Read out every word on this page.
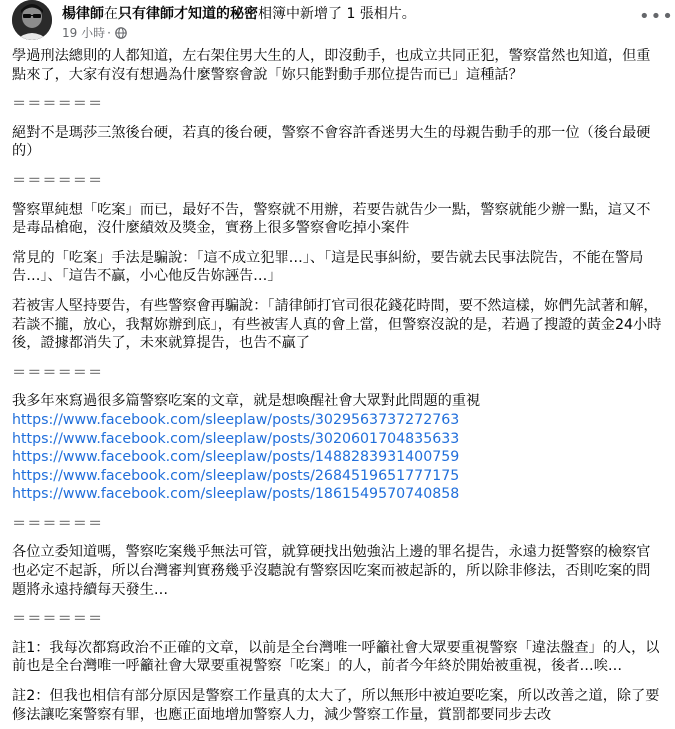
楊律師在只有律師才知道的秘密相簿中新增了 1 張相片。
19 小時 ·
•••

學過刑法總則的人都知道，左右架住男大生的人，即沒動手，也成立共同正犯，警察當然也知道，但重點來了，大家有沒有想過為什麼警察會說「妳只能對動手那位提告而已」這種話？

＝＝＝＝＝＝

絕對不是瑪莎三煞後台硬，若真的後台硬，警察不會容許香迷男大生的母親告動手的那一位（後台最硬的）

＝＝＝＝＝＝

警察單純想「吃案」而已，最好不告，警察就不用辦，若要告就告少一點，警察就能少辦一點，這又不是毒品槍砲，沒什麼績效及獎金，實務上很多警察會吃掉小案件

常見的「吃案」手法是騙說：「這不成立犯罪…」、「這是民事糾紛，要告就去民事法院告，不能在警局告…」、「這告不贏，小心他反告妳誣告…」

若被害人堅持要告，有些警察會再騙說：「請律師打官司很花錢花時間，要不然這樣，妳們先試著和解，若談不攏，放心，我幫妳辦到底」，有些被害人真的會上當，但警察沒說的是，若過了搜證的黃金24小時後，證據都消失了，未來就算提告，也告不贏了

＝＝＝＝＝＝

我多年來寫過很多篇警察吃案的文章，就是想喚醒社會大眾對此問題的重視
https://www.facebook.com/sleeplaw/posts/3029563737272763
https://www.facebook.com/sleeplaw/posts/3020601704835633
https://www.facebook.com/sleeplaw/posts/1488283931400759
https://www.facebook.com/sleeplaw/posts/2684519651777175
https://www.facebook.com/sleeplaw/posts/1861549570740858

＝＝＝＝＝＝

各位立委知道嗎，警察吃案幾乎無法可管，就算硬找出勉強沾上邊的罪名提告，永遠力挺警察的檢察官也必定不起訴，所以台灣審判實務幾乎沒聽說有警察因吃案而被起訴的，所以除非修法，否則吃案的問題將永遠持續每天發生…

＝＝＝＝＝＝

註1：我每次都寫政治不正確的文章，以前是全台灣唯一呼籲社會大眾要重視警察「違法盤查」的人，以前也是全台灣唯一呼籲社會大眾要重視警察「吃案」的人，前者今年終於開始被重視，後者…唉…

註2：但我也相信有部分原因是警察工作量真的太大了，所以無形中被迫要吃案，所以改善之道，除了要修法讓吃案警察有罪，也應正面地增加警察人力，減少警察工作量，賞罰都要同步去改
